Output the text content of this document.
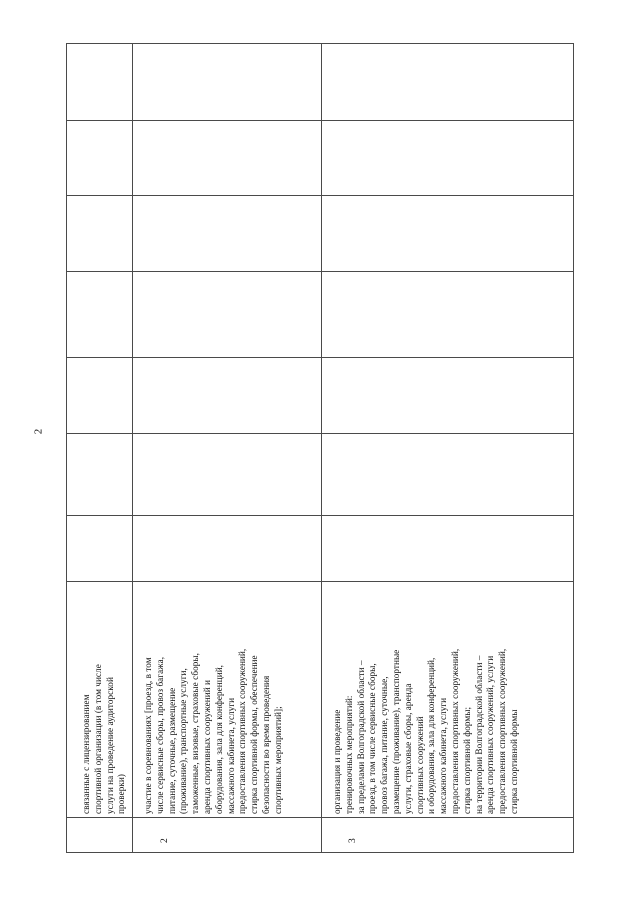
2
связанные с лицензированием
спортивной организации (в том числе
услуги на проведение аудиторской
проверки)
2
участие в соревнованиях [проезд, в том
числе сервисные сборы, провоз багажа,
питание, суточные, размещение
(проживание), транспортные услуги,
таможенные, визовые, страховые сборы,
аренда спортивных сооружений и
оборудования, зала для конференций,
массажного кабинета, услуги
предоставления спортивных сооружений,
стирка спортивной формы, обеспечение
безопасности во время проведения
спортивных мероприятий];
3
организация и проведение
тренировочных мероприятий:
за пределами Волгоградской области –
проезд, в том числе сервисные сборы,
провоз багажа, питание, суточные,
размещение (проживание), транспортные
услуги, страховые сборы, аренда
спортивных сооружений
и оборудования, зала для конференций,
массажного кабинета, услуги
предоставления спортивных сооружений,
стирка спортивной формы;
на территории Волгоградской области –
аренда спортивных сооружений, услуги
предоставления спортивных сооружений,
стирка спортивной формы
